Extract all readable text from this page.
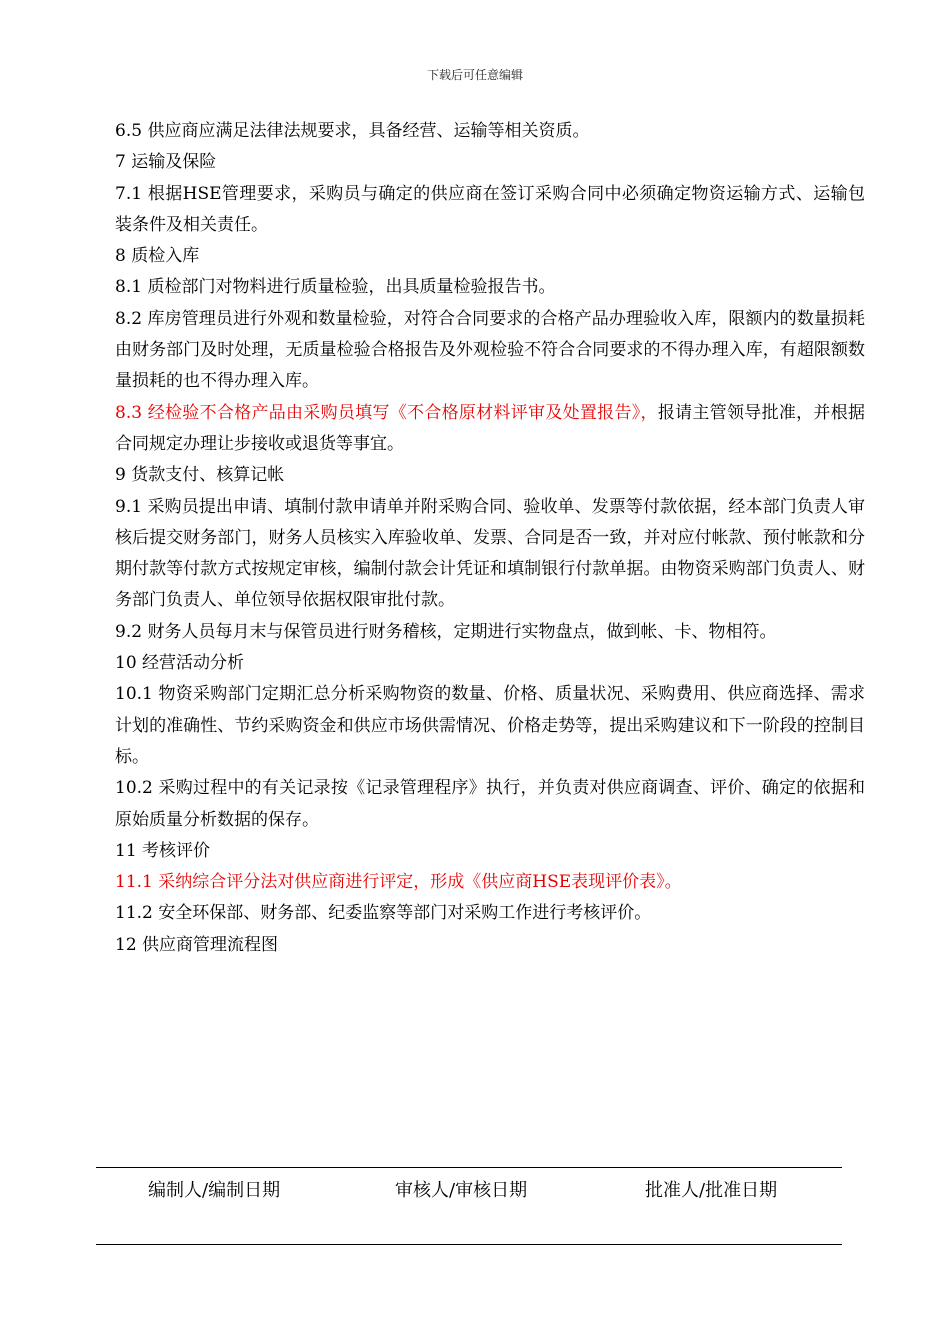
下载后可任意编辑

6.5 供应商应满足法律法规要求，具备经营、运输等相关资质。

7 运输及保险

7.1 根据HSE管理要求，采购员与确定的供应商在签订采购合同中必须确定物资运输方式、运输包装条件及相关责任。

8 质检入库

8.1 质检部门对物料进行质量检验，出具质量检验报告书。

8.2 库房管理员进行外观和数量检验，对符合合同要求的合格产品办理验收入库，限额内的数量损耗由财务部门及时处理，无质量检验合格报告及外观检验不符合合同要求的不得办理入库，有超限额数量损耗的也不得办理入库。

8.3 经检验不合格产品由采购员填写《不合格原材料评审及处置报告》，报请主管领导批准，并根据合同规定办理让步接收或退货等事宜。

9 货款支付、核算记帐

9.1 采购员提出申请、填制付款申请单并附采购合同、验收单、发票等付款依据，经本部门负责人审核后提交财务部门，财务人员核实入库验收单、发票、合同是否一致，并对应付帐款、预付帐款和分期付款等付款方式按规定审核，编制付款会计凭证和填制银行付款单据。由物资采购部门负责人、财务部门负责人、单位领导依据权限审批付款。

9.2 财务人员每月末与保管员进行财务稽核，定期进行实物盘点，做到帐、卡、物相符。

10 经营活动分析

10.1 物资采购部门定期汇总分析采购物资的数量、价格、质量状况、采购费用、供应商选择、需求计划的准确性、节约采购资金和供应市场供需情况、价格走势等，提出采购建议和下一阶段的控制目标。

10.2 采购过程中的有关记录按《记录管理程序》执行，并负责对供应商调查、评价、确定的依据和原始质量分析数据的保存。

11 考核评价

11.1 采纳综合评分法对供应商进行评定，形成《供应商HSE表现评价表》。

11.2 安全环保部、财务部、纪委监察等部门对采购工作进行考核评价。

12 供应商管理流程图

编制人/编制日期	审核人/审核日期	批准人/批准日期
